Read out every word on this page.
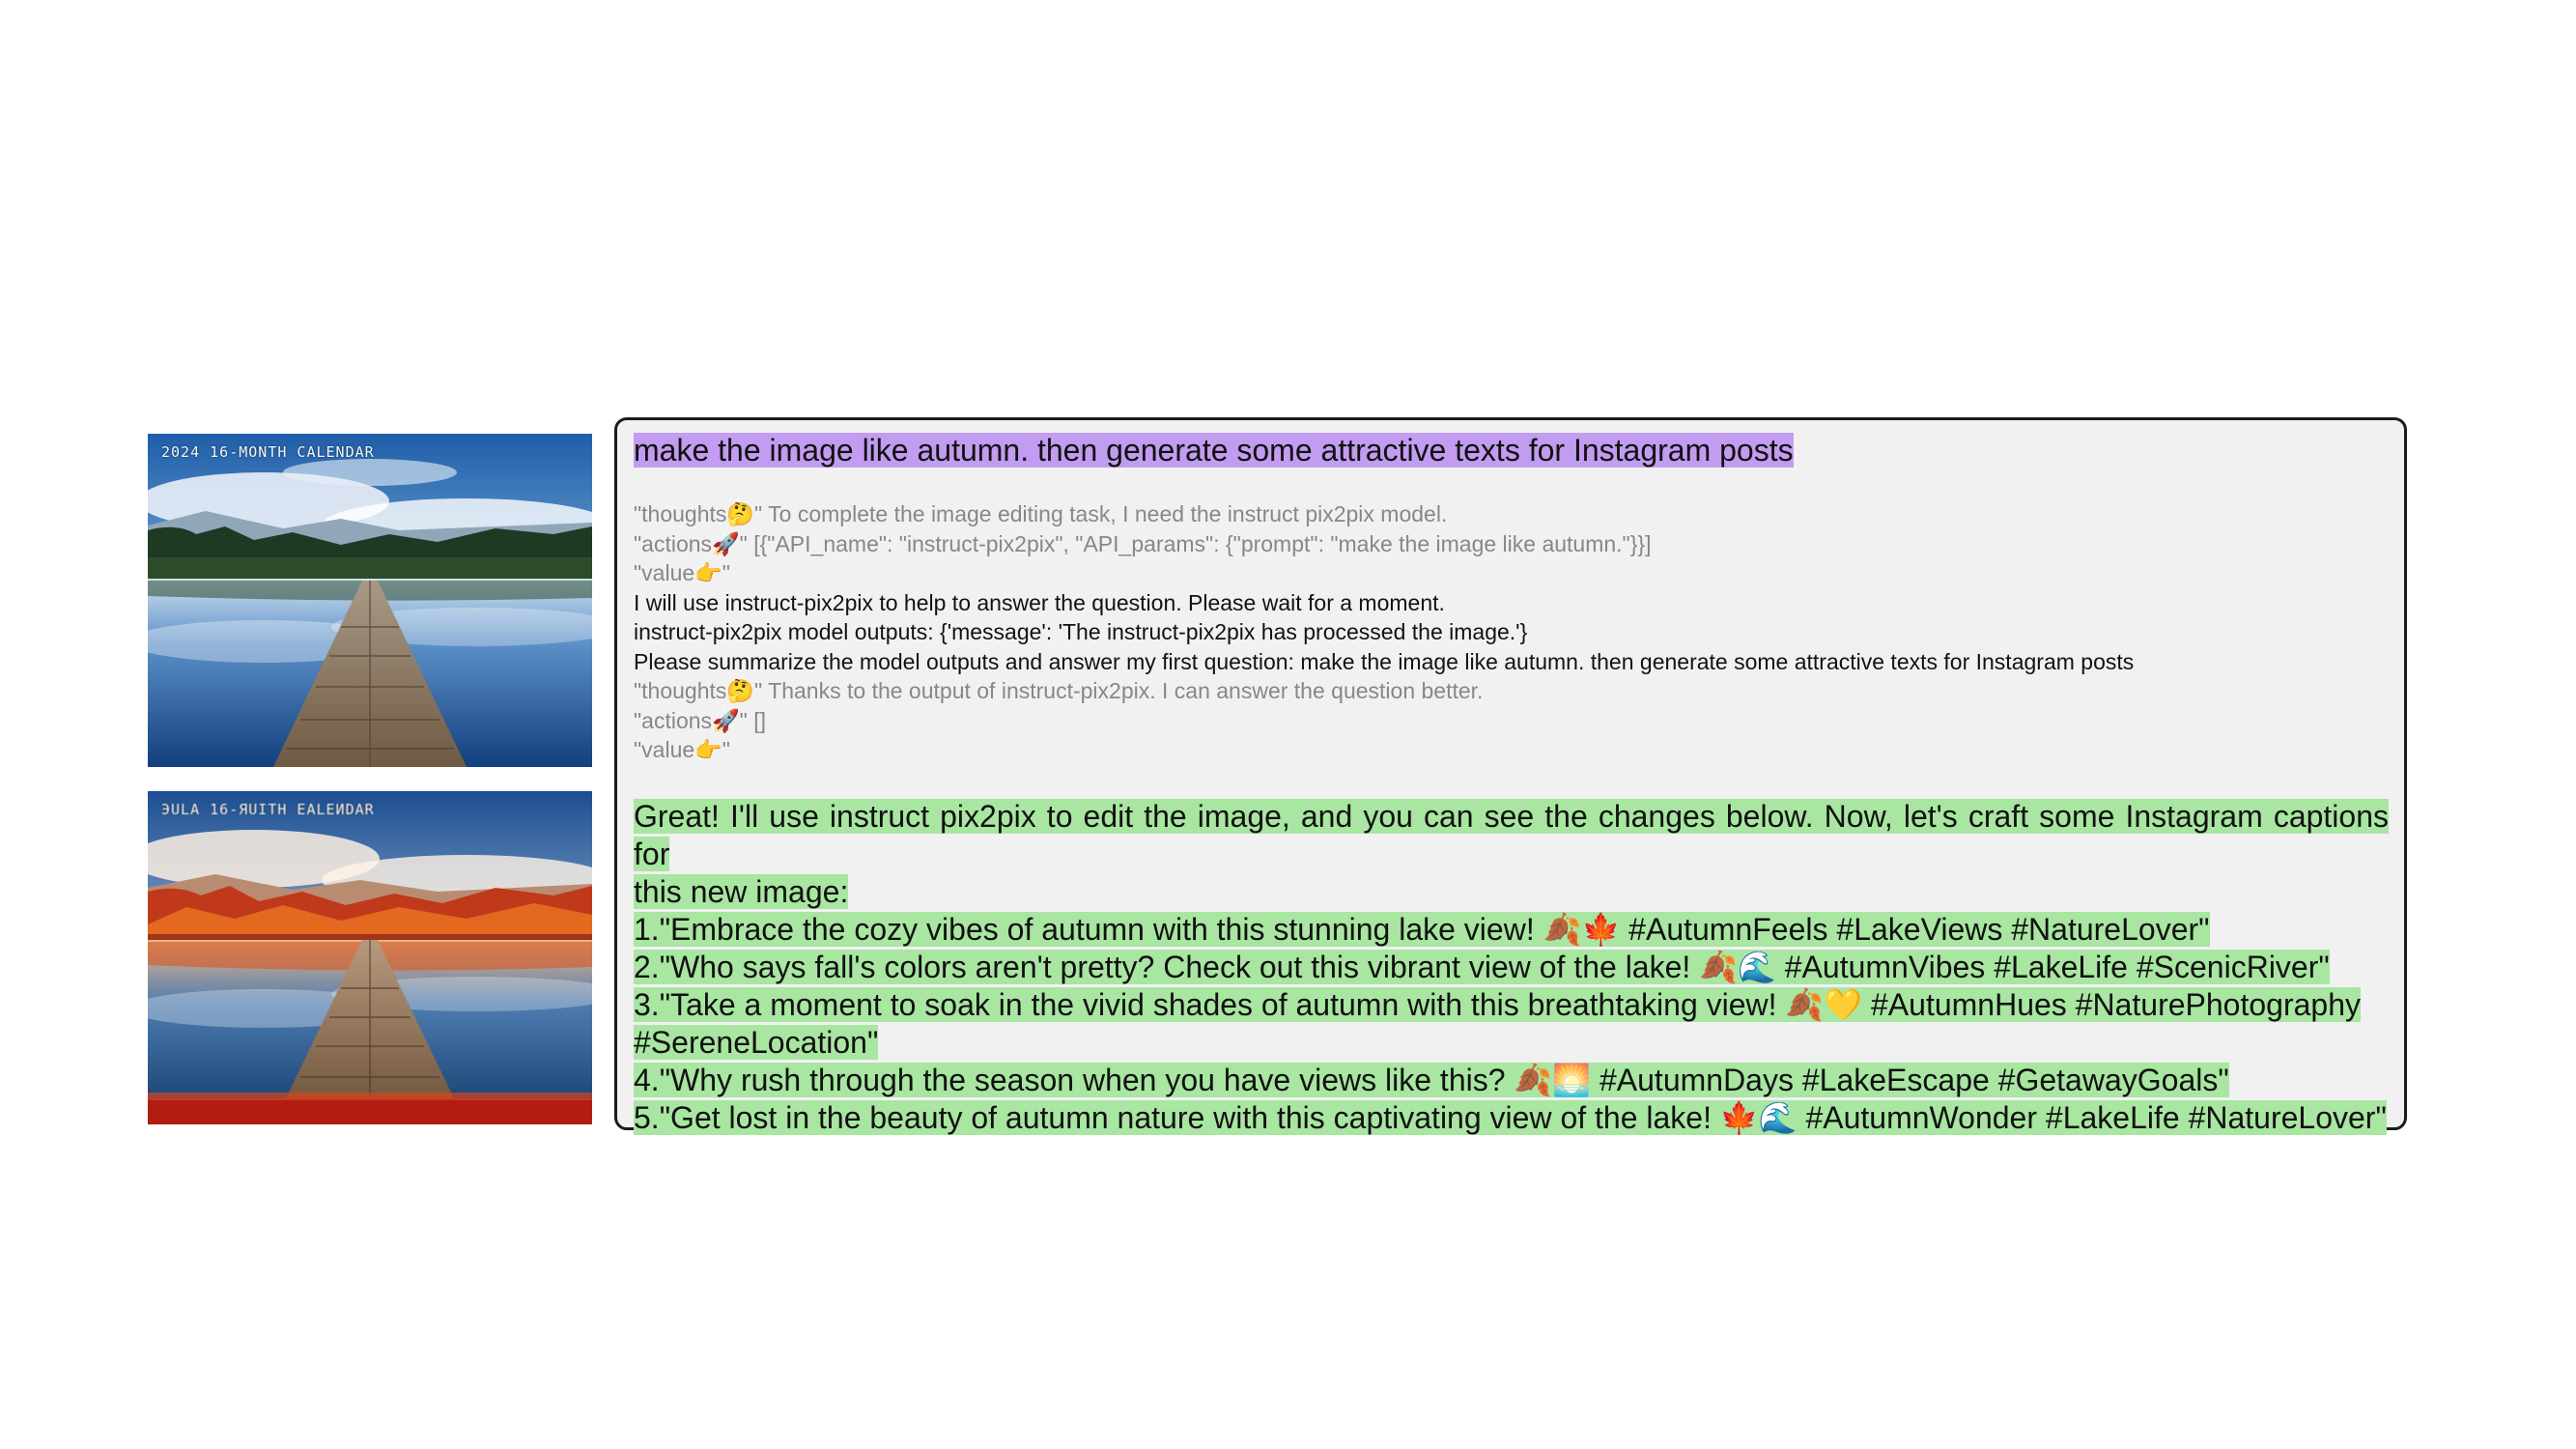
2024 16-MONTH CALENDAR
ЭULA 16-ЯUITH EALEИDAR
make the image like autumn. then generate some attractive texts for Instagram posts
"thoughts🤔" To complete the image editing task, I need the instruct pix2pix model.
"actions🚀" [{"API_name": "instruct-pix2pix", "API_params": {"prompt": "make the image like autumn."}}]
"value👉"
I will use instruct-pix2pix to help to answer the question. Please wait for a moment.
instruct-pix2pix model outputs: {'message': 'The instruct-pix2pix has processed the image.'}
Please summarize the model outputs and answer my first question: make the image like autumn. then generate some attractive texts for Instagram posts
"thoughts🤔" Thanks to the output of instruct-pix2pix. I can answer the question better.
"actions🚀" []
"value👉"
Great! I'll use instruct pix2pix to edit the image, and you can see the changes below. Now, let's craft some Instagram captions for
this new image:
1."Embrace the cozy vibes of autumn with this stunning lake view! 🍂🍁 #AutumnFeels #LakeViews #NatureLover"
2."Who says fall's colors aren't pretty? Check out this vibrant view of the lake! 🍂🌊 #AutumnVibes #LakeLife #ScenicRiver"
3."Take a moment to soak in the vivid shades of autumn with this breathtaking view! 🍂💛 #AutumnHues #NaturePhotography
#SereneLocation"
4."Why rush through the season when you have views like this? 🍂🌅 #AutumnDays #LakeEscape #GetawayGoals"
5."Get lost in the beauty of autumn nature with this captivating view of the lake! 🍁🌊 #AutumnWonder #LakeLife #NatureLover"
